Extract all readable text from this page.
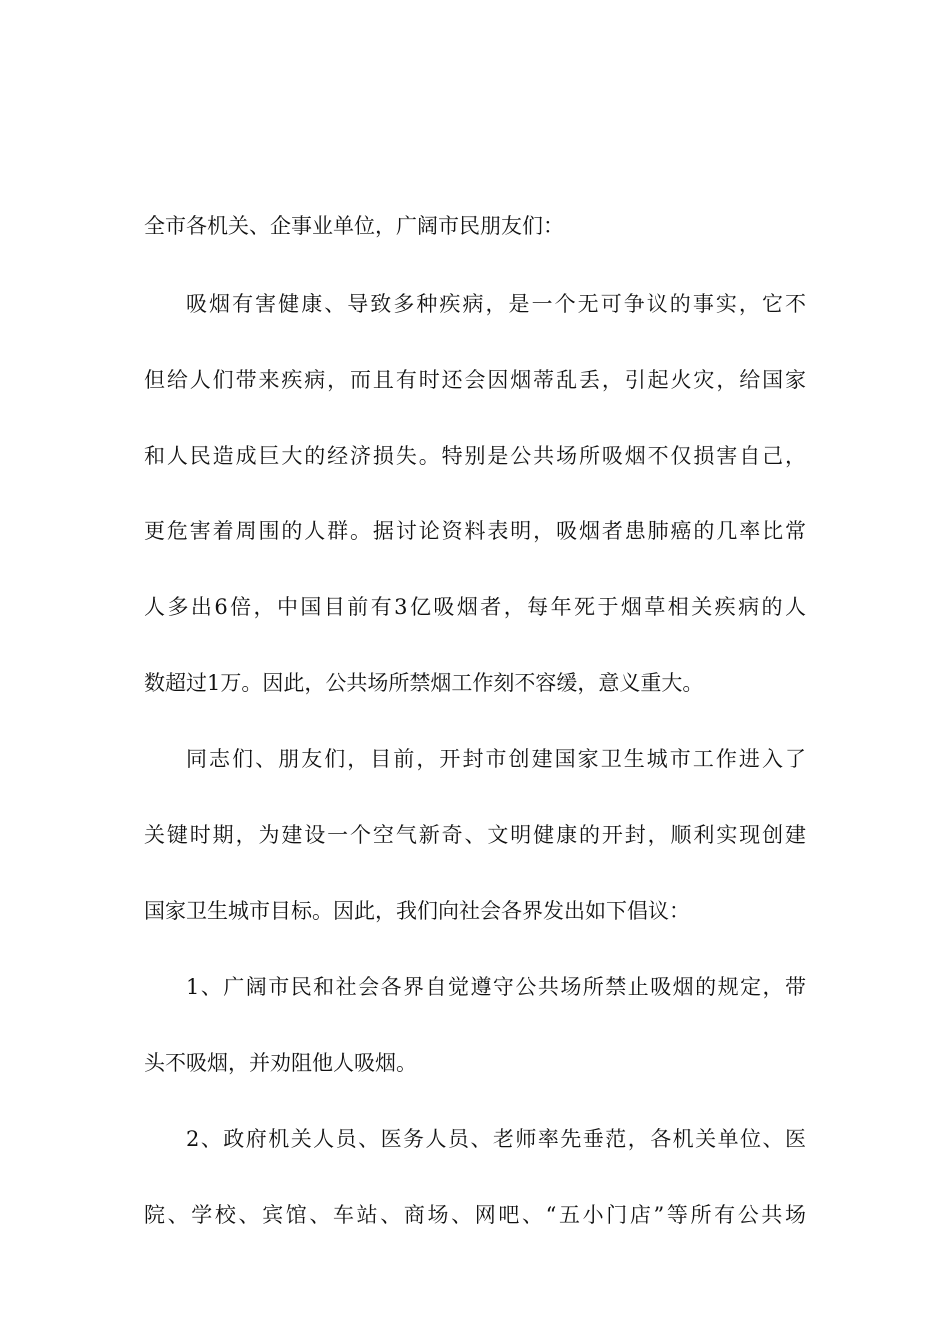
全市各机关、企事业单位，广阔市民朋友们：
吸烟有害健康、导致多种疾病，是一个无可争议的事实，它不
但给人们带来疾病，而且有时还会因烟蒂乱丢，引起火灾，给国家
和人民造成巨大的经济损失。特别是公共场所吸烟不仅损害自己，
更危害着周围的人群。据讨论资料表明，吸烟者患肺癌的几率比常
人多出6倍，中国目前有3亿吸烟者，每年死于烟草相关疾病的人
数超过1万。因此，公共场所禁烟工作刻不容缓，意义重大。
同志们、朋友们，目前，开封市创建国家卫生城市工作进入了
关键时期，为建设一个空气新奇、文明健康的开封，顺利实现创建
国家卫生城市目标。因此，我们向社会各界发出如下倡议：
1、广阔市民和社会各界自觉遵守公共场所禁止吸烟的规定，带
头不吸烟，并劝阻他人吸烟。
2、政府机关人员、医务人员、老师率先垂范，各机关单位、医
院、学校、宾馆、车站、商场、网吧、“五小门店”等所有公共场
